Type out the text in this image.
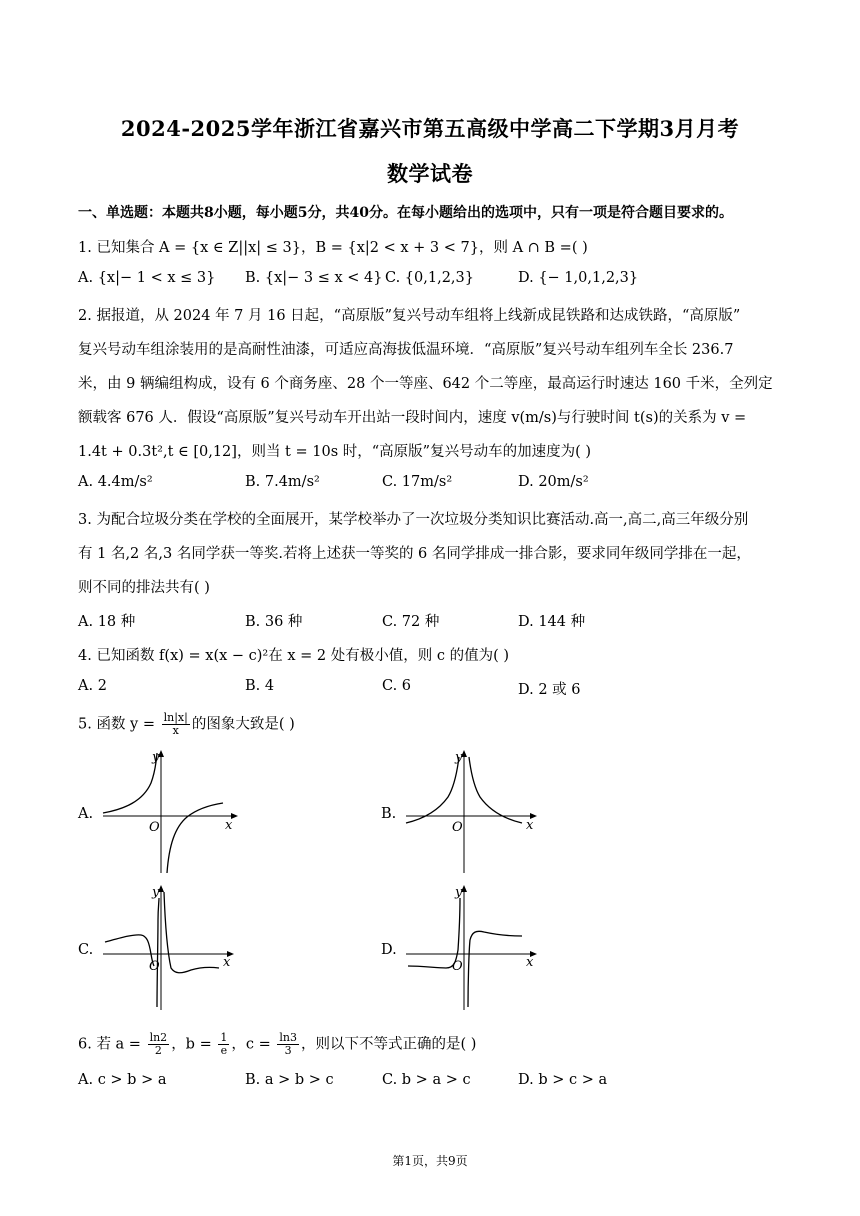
2024-2025学年浙江省嘉兴市第五高级中学高二下学期3月月考
数学试卷
一、单选题：本题共8小题，每小题5分，共40分。在每小题给出的选项中，只有一项是符合题目要求的。
1. 已知集合 A = {x ∈ Z||x| ≤ 3}，B = {x|2 < x + 3 < 7}，则 A ∩ B =( )
A. {x|− 1 < x ≤ 3} B. {x|− 3 ≤ x < 4} C. {0,1,2,3}	D. {− 1,0,1,2,3}
2. 据报道，从 2024 年 7 月 16 日起，“高原版”复兴号动车组将上线新成昆铁路和达成铁路，“高原版”
复兴号动车组涂装用的是高耐性油漆，可适应高海拔低温环境．“高原版”复兴号动车组列车全长 236.7
米，由 9 辆编组构成，设有 6 个商务座、28 个一等座、642 个二等座，最高运行时速达 160 千米，全列定
额载客 676 人．假设“高原版”复兴号动车开出站一段时间内，速度 v(m/s)与行驶时间 t(s)的关系为 v =
1.4t + 0.3t²,t ∈ [0,12]，则当 t = 10s 时，“高原版”复兴号动车的加速度为( )
A. 4.4m/s²	B. 7.4m/s²	C. 17m/s²	D. 20m/s²
3. 为配合垃圾分类在学校的全面展开，某学校举办了一次垃圾分类知识比赛活动.高一,高二,高三年级分别
有 1 名,2 名,3 名同学获一等奖.若将上述获一等奖的 6 名同学排成一排合影，要求同年级同学排在一起，
则不同的排法共有( )
A. 18 种	B. 36 种	C. 72 种	D. 144 种
4. 已知函数 f(x) = x(x − c)²在 x = 2 处有极小值，则 c 的值为( )
A. 2	B. 4	C. 6	D. 2 或 6
5. 函数 $y = \frac{\ln|x|}{x}$ 的图象大致是( )
A.
O
y
x
B.
O
y
x
C.
O
y
x
D.
O
y
x
6. 若 $a = \frac{\ln 2}{2}$ ，$b = \frac{1}{e}$ ，$c = \frac{\ln 3}{3}$ ，则以下不等式正确的是( )
A. c > b > a	B. a > b > c	C. b > a > c	D. b > c > a
第1页，共9页
